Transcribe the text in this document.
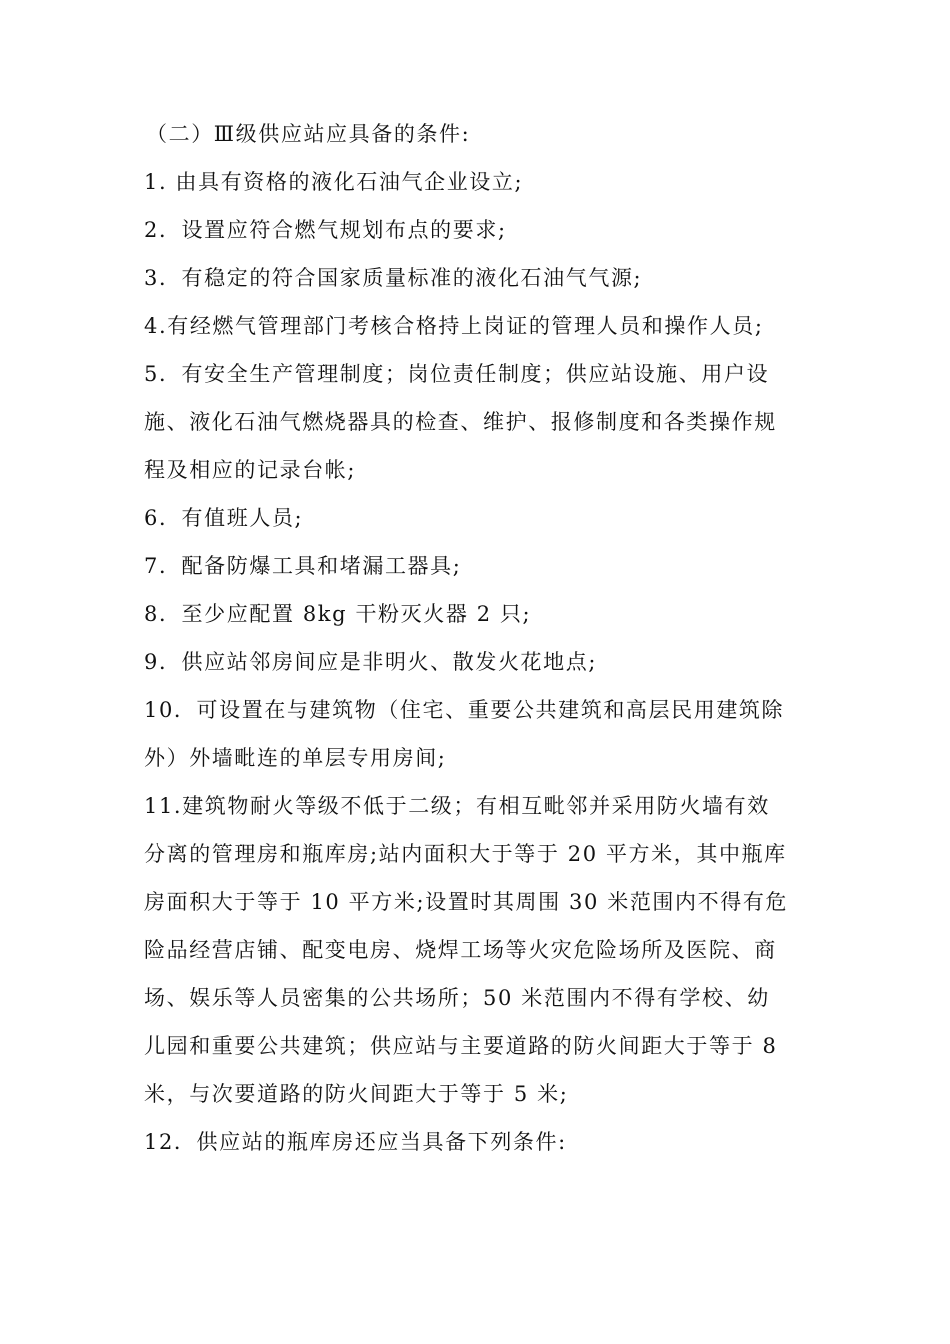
（二）Ⅲ级供应站应具备的条件:
1. 由具有资格的液化石油气企业设立;
2．设置应符合燃气规划布点的要求;
3．有稳定的符合国家质量标准的液化石油气气源;
4.有经燃气管理部门考核合格持上岗证的管理人员和操作人员;
5．有安全生产管理制度；岗位责任制度；供应站设施、用户设
施、液化石油气燃烧器具的检查、维护、报修制度和各类操作规
程及相应的记录台帐;
6．有值班人员;
7．配备防爆工具和堵漏工器具;
8．至少应配置 8kg 干粉灭火器 2 只;
9．供应站邻房间应是非明火、散发火花地点;
10．可设置在与建筑物（住宅、重要公共建筑和高层民用建筑除
外）外墙毗连的单层专用房间;
11.建筑物耐火等级不低于二级；有相互毗邻并采用防火墙有效
分离的管理房和瓶库房;站内面积大于等于 20 平方米，其中瓶库
房面积大于等于 10 平方米;设置时其周围 30 米范围内不得有危
险品经营店铺、配变电房、烧焊工场等火灾危险场所及医院、商
场、娱乐等人员密集的公共场所；50 米范围内不得有学校、幼
儿园和重要公共建筑；供应站与主要道路的防火间距大于等于 8
米，与次要道路的防火间距大于等于 5 米;
12．供应站的瓶库房还应当具备下列条件:
